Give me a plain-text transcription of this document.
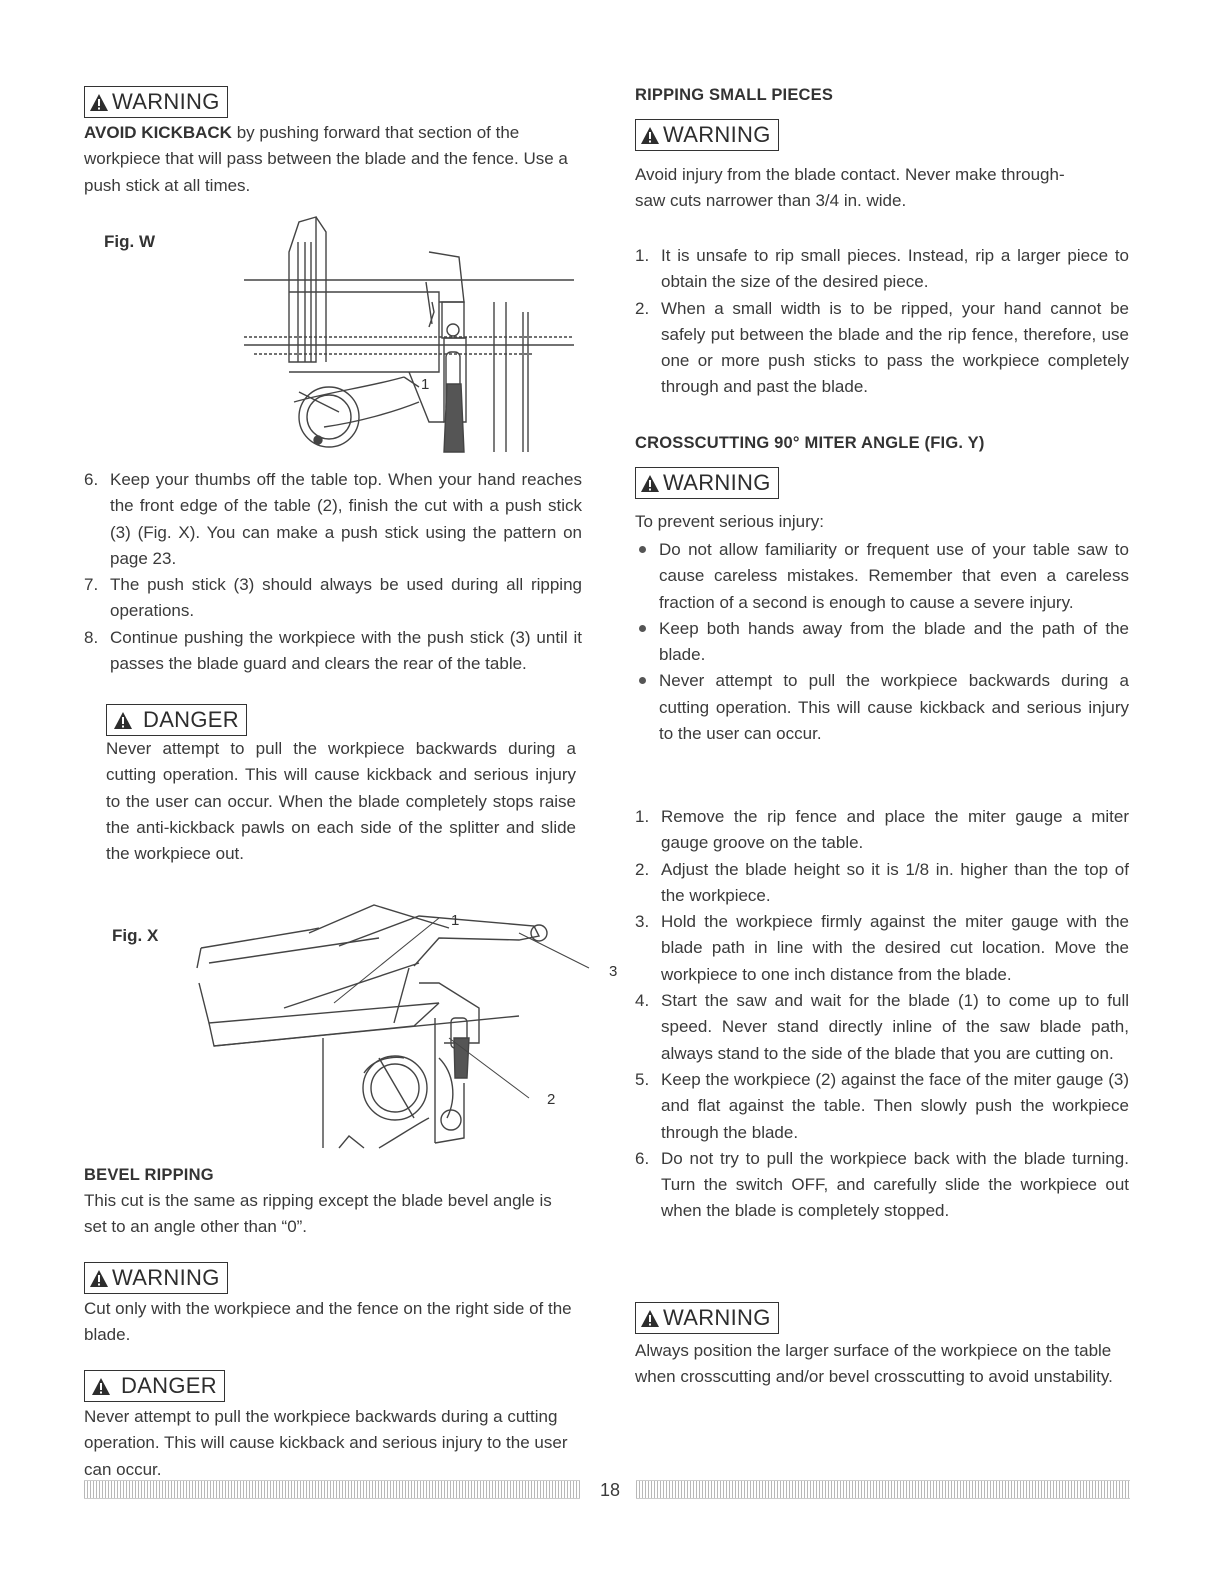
WARNING

AVOID KICKBACK by pushing forward that section of the workpiece that will pass between the blade and the fence. Use a push stick at all times.

Fig. W
1
6. Keep your thumbs off the table top. When your hand reaches the front edge of the table (2), finish the cut with a push stick (3) (Fig. X). You can make a push stick using the pattern on page 23.
7. The push stick (3) should always be used during all ripping operations.
8. Continue pushing the workpiece with the push stick (3) until it passes the blade guard and clears the rear of the table.
DANGER

Never attempt to pull the workpiece backwards during a cutting operation. This will cause kickback and serious injury to the user can occur. When the blade completely stops raise the anti-kickback pawls on each side of the splitter and slide the workpiece out.

Fig. X
1
3
2

BEVEL RIPPING

This cut is the same as ripping except the blade bevel angle is set to an angle other than “0”.

WARNING

Cut only with the workpiece and the fence on the right side of the blade.

DANGER

Never attempt to pull the workpiece backwards during a cutting operation. This will cause kickback and serious injury to the user can occur.

RIPPING SMALL PIECES

WARNING

Avoid injury from the blade contact. Never make through-saw cuts narrower than 3/4 in. wide.

1. It is unsafe to rip small pieces. Instead, rip a larger piece to obtain the size of the desired piece.
2. When a small width is to be ripped, your hand cannot be safely put between the blade and the rip fence, therefore, use one or more push sticks to pass the workpiece completely through and past the blade.

CROSSCUTTING 90° MITER ANGLE (FIG. Y)

WARNING

To prevent serious injury:

Do not allow familiarity or frequent use of your table saw to cause careless mistakes. Remember that even a careless fraction of a second is enough to cause a severe injury.
Keep both hands away from the blade and the path of the blade.
Never attempt to pull the workpiece backwards during a cutting operation. This will cause kickback and serious injury to the user can occur.
1. Remove the rip fence and place the miter gauge a miter gauge groove on the table.
2. Adjust the blade height so it is 1/8 in. higher than the top of the workpiece.
3. Hold the workpiece firmly against the miter gauge with the blade path in line with the desired cut location. Move the workpiece to one inch distance from the blade.
4. Start the saw and wait for the blade (1) to come up to full speed. Never stand directly inline of the saw blade path, always stand to the side of the blade that you are cutting on.
5. Keep the workpiece (2) against the face of the miter gauge (3) and flat against the table. Then slowly push the workpiece through the blade.
6. Do not try to pull the workpiece back with the blade turning. Turn the switch OFF, and carefully slide the workpiece out when the blade is completely stopped.
WARNING

Always position the larger surface of the workpiece on the table when crosscutting and/or bevel crosscutting to avoid unstability.

18
